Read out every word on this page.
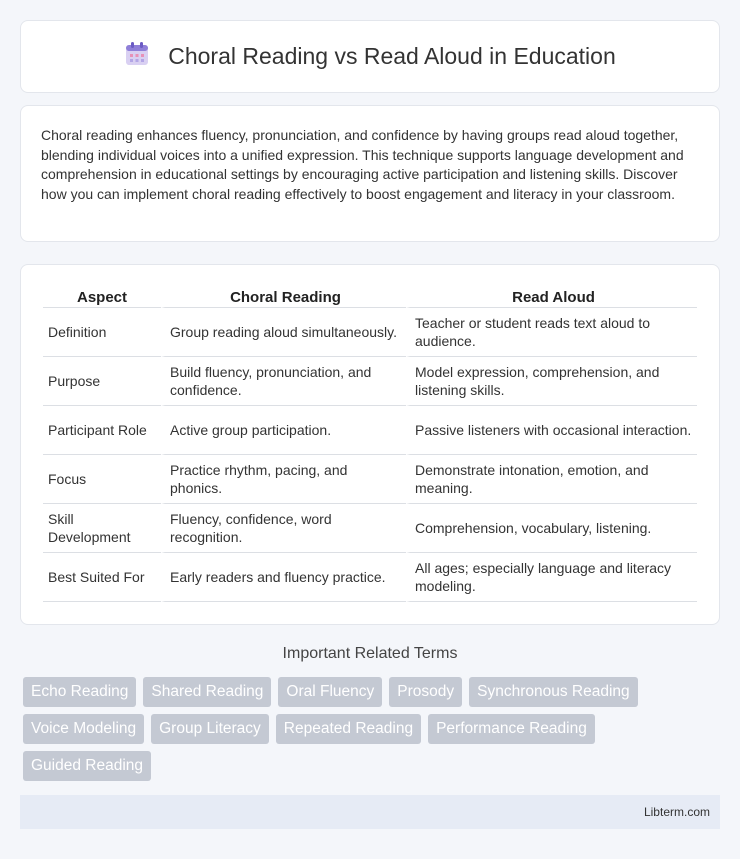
Choral Reading vs Read Aloud in Education

Choral reading enhances fluency, pronunciation, and confidence by having groups read aloud together, blending individual voices into a unified expression. This technique supports language development and comprehension in educational settings by encouraging active participation and listening skills. Discover how you can implement choral reading effectively to boost engagement and literacy in your classroom.

Aspect	Choral Reading	Read Aloud
Definition	Group reading aloud simultaneously.	Teacher or student reads text aloud to audience.
Purpose	Build fluency, pronunciation, and confidence.	Model expression, comprehension, and listening skills.
Participant Role	Active group participation.	Passive listeners with occasional interaction.
Focus	Practice rhythm, pacing, and phonics.	Demonstrate intonation, emotion, and meaning.
Skill Development	Fluency, confidence, word recognition.	Comprehension, vocabulary, listening.
Best Suited For	Early readers and fluency practice.	All ages; especially language and literacy modeling.
Important Related Terms
Echo Reading	Shared Reading	Oral Fluency	Prosody	Synchronous Reading
Voice Modeling	Group Literacy	Repeated Reading	Performance Reading
Guided Reading
Libterm.com
